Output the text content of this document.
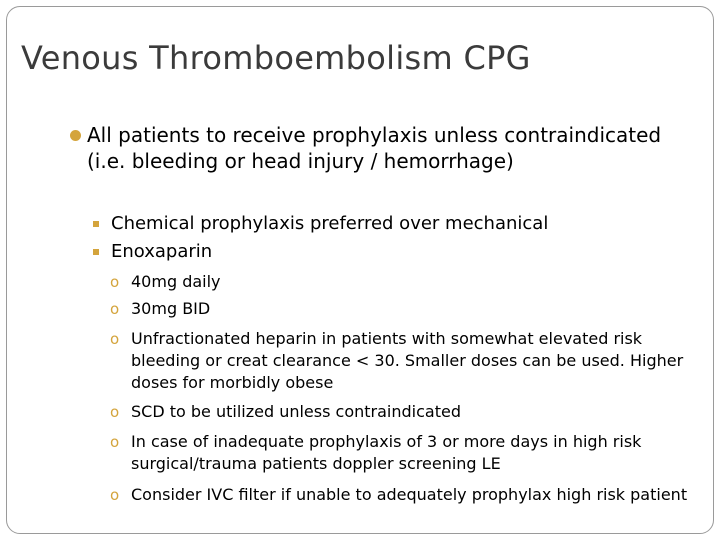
Venous Thromboembolism CPG
All patients to receive prophylaxis unless contraindicated (i.e. bleeding or head injury / hemorrhage)
Chemical prophylaxis preferred over mechanical
Enoxaparin
o 40mg daily
o 30mg BID
o Unfractionated heparin in patients with somewhat elevated risk bleeding or creat clearance < 30. Smaller doses can be used. Higher doses for morbidly obese
o SCD to be utilized unless contraindicated
o In case of inadequate prophylaxis of 3 or more days in high risk surgical/trauma patients doppler screening LE
o Consider IVC filter if unable to adequately prophylax high risk patient
